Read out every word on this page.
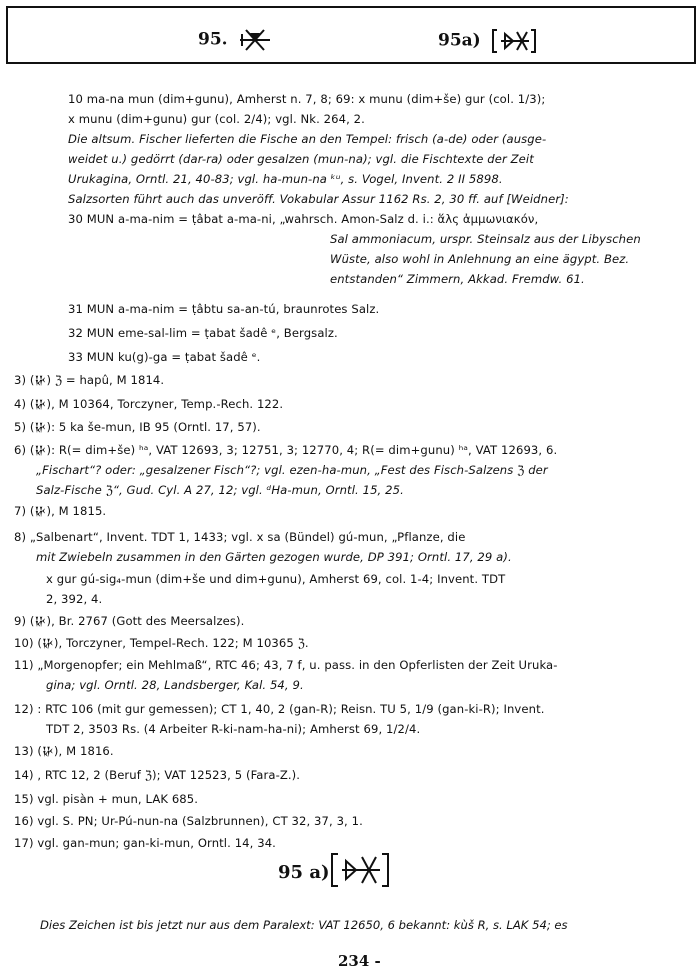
95.	95a)
10 ma-na mun (dim+gunu), Amherst n. 7, 8; 69: x munu (dim+še) gur (col. 1/3);
x munu (dim+gunu) gur (col. 2/4); vgl. Nk. 264, 2.
Die altsum. Fischer lieferten die Fische an den Tempel: frisch (a-de) oder (ausge-
weidet u.) gedörrt (dar-ra) oder gesalzen (mun-na); vgl. die Fischtexte der Zeit
Urukagina, Orntl. 21, 40-83; vgl. ha-mun-na ᵏᵘ, s. Vogel, Invent. 2 II 5898.
Salzsorten führt auch das unveröff. Vokabular Assur 1162 Rs. 2, 30 ff. auf [Weidner]:
30 MUN a-ma-nim = ṭâbat a-ma-ni, „wahrsch. Amon-Salz d. i.: ἅλς ἀμμωνιακόν,
Sal ammoniacum, urspr. Steinsalz aus der Libyschen
Wüste, also wohl in Anlehnung an eine ägypt. Bez.
entstanden“ Zimmern, Akkad. Fremdw. 61.
31 MUN a-ma-nim = ṭâbtu sa-an-tú, braunrotes Salz.
32 MUN eme-sal-lim = ṭabat šadê ᵉ, Bergsalz.
33 MUN ku(g)-ga = ṭabat šadê ᵉ.
3) (𒄩) ℨ = hapû, M 1814.
4) (𒄩), M 10364, Torczyner, Temp.-Rech. 122.
5) (𒄩): 5 ka še-mun, IB 95 (Orntl. 17, 57).
6) (𒄩): R(= dim+še) ʰᵃ, VAT 12693, 3; 12751, 3; 12770, 4; R(= dim+gunu) ʰᵃ, VAT 12693, 6.
„Fischart“? oder: „gesalzener Fisch“?; vgl. ezen-ha-mun, „Fest des Fisch-Salzens ℨ der
Salz-Fische ℨ“, Gud. Cyl. A 27, 12; vgl. ᵈHa-mun, Orntl. 15, 25.
7) (𒄩), M 1815.
8) „Salbenart“, Invent. TDT 1, 1433; vgl. x sa (Bündel) gú-mun, „Pflanze, die
mit Zwiebeln zusammen in den Gärten gezogen wurde, DP 391; Orntl. 17, 29 a).
x gur gú-sig₄-mun (dim+še und dim+gunu), Amherst 69, col. 1-4; Invent. TDT
2, 392, 4.
9) (𒄩), Br. 2767 (Gott des Meersalzes).
10) (𒄩), Torczyner, Tempel-Rech. 122; M 10365 ℨ.
11) „Morgenopfer; ein Mehlmaß“, RTC 46; 43, 7 f, u. pass. in den Opferlisten der Zeit Uruka-
gina; vgl. Orntl. 28, Landsberger, Kal. 54, 9.
12) : RTC 106 (mit gur gemessen); CT 1, 40, 2 (gan-R); Reisn. TU 5, 1/9 (gan-ki-R); Invent.
TDT 2, 3503 Rs. (4 Arbeiter R-ki-nam-ha-ni); Amherst 69, 1/2/4.
13) (𒄩), M 1816.
14) , RTC 12, 2 (Beruf ℨ); VAT 12523, 5 (Fara-Z.).
15) vgl. pisàn + mun, LAK 685.
16) vgl. S. PN; Ur-Pú-nun-na (Salzbrunnen), CT 32, 37, 3, 1.
17) vgl. gan-mun; gan-ki-mun, Orntl. 14, 34.
95 a)
Dies Zeichen ist bis jetzt nur aus dem Paralext: VAT 12650, 6 bekannt: kùš R, s. LAK 54; es
234 -
